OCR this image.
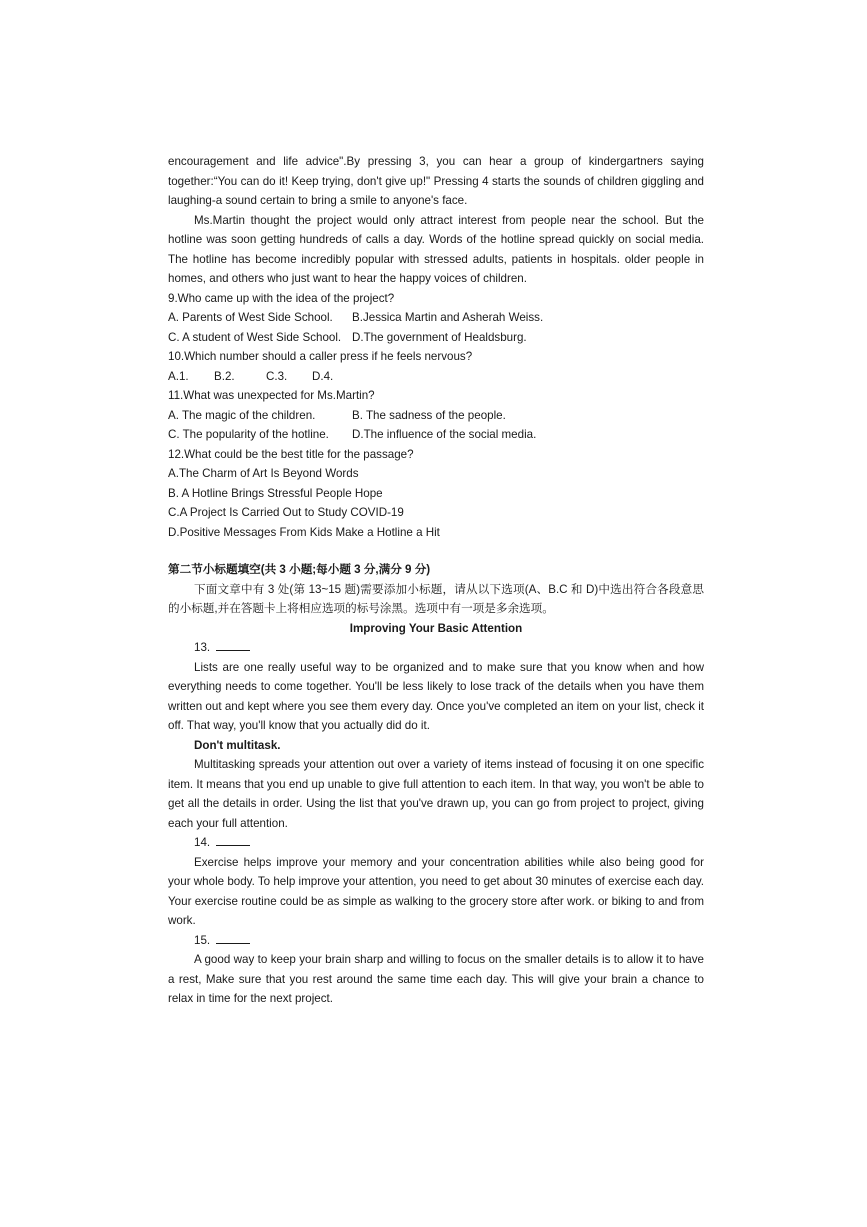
encouragement and life advice".By pressing 3, you can hear a group of kindergartners saying together:“You can do it! Keep trying, don't give up!" Pressing 4 starts the sounds of children giggling and laughing-a sound certain to bring a smile to anyone's face.

Ms.Martin thought the project would only attract interest from people near the school. But the hotline was soon getting hundreds of calls a day. Words of the hotline spread quickly on social media. The hotline has become incredibly popular with stressed adults, patients in hospitals. older people in homes, and others who just want to hear the happy voices of children.

9.Who came up with the idea of the project?

A. Parents of West Side School.	B.Jessica Martin and Asherah Weiss.
C. A student of West Side School. D.The government of Healdsburg.

10.Which number should a caller press if he feels nervous?

A.1.	B.2.	C.3.	D.4.

11.What was unexpected for Ms.Martin?

A. The magic of the children.	B. The sadness of the people.
C. The popularity of the hotline.	D.The influence of the social media.

12.What could be the best title for the passage?

A.The Charm of Art Is Beyond Words

B. A Hotline Brings Stressful People Hope

C.A Project Is Carried Out to Study COVID-19

D.Positive Messages From Kids Make a Hotline a Hit

第二节小标题填空(共 3 小题;每小题 3 分,满分 9 分)

下面文章中有 3 处(第 13~15 题)需要添加小标题，请从以下选项(A、B.C 和 D)中选出符合各段意思的小标题,并在答题卡上将相应选项的标号涂黑。选项中有一项是多余选项。

Improving Your Basic Attention

13.

Lists are one really useful way to be organized and to make sure that you know when and how everything needs to come together. You'll be less likely to lose track of the details when you have them written out and kept where you see them every day. Once you've completed an item on your list, check it off. That way, you'll know that you actually did do it.

Don't multitask.

Multitasking spreads your attention out over a variety of items instead of focusing it on one specific item. It means that you end up unable to give full attention to each item. In that way, you won't be able to get all the details in order. Using the list that you've drawn up, you can go from project to project, giving each your full attention.

14.

Exercise helps improve your memory and your concentration abilities while also being good for your whole body. To help improve your attention, you need to get about 30 minutes of exercise each day. Your exercise routine could be as simple as walking to the grocery store after work. or biking to and from work.

15.

A good way to keep your brain sharp and willing to focus on the smaller details is to allow it to have a rest, Make sure that you rest around the same time each day. This will give your brain a chance to relax in time for the next project.
